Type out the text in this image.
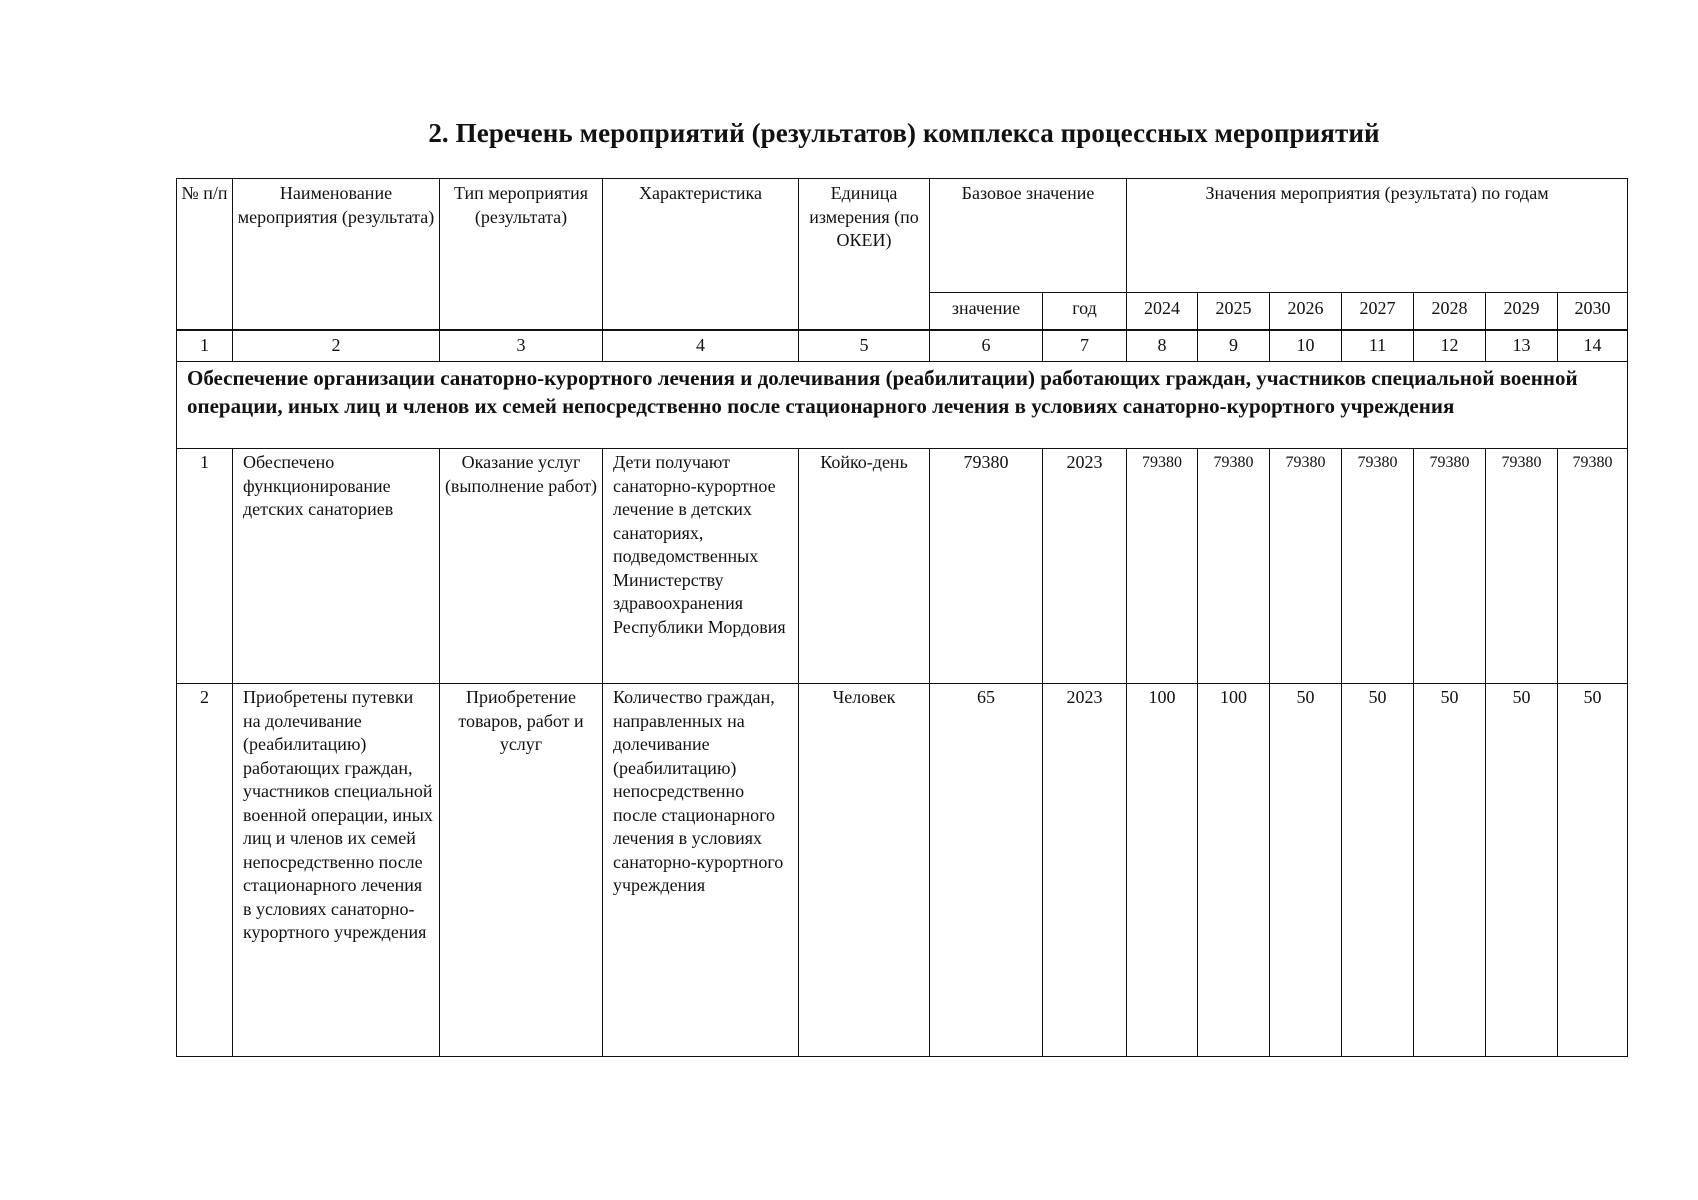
2. Перечень мероприятий (результатов) комплекса процессных мероприятий
№ п/п	Наименование мероприятия (результата)	Тип мероприятия (результата)	Характеристика	Единица измерения (по ОКЕИ)	Базовое значение		Значения мероприятия (результата) по годам						
					значение	год	2024	2025	2026	2027	2028	2029	2030
1	2	3	4	5	6	7	8	9	10	11	12	13	14
Обеспечение организации санаторно-курортного лечения и долечивания (реабилитации) работающих граждан, участников специальной военной операции, иных лиц и членов их семей непосредственно после стационарного лечения в условиях санаторно-курортного учреждения													
1	Обеспечено функционирование детских санаториев	Оказание услуг (выполнение работ)	Дети получают санаторно-курортное лечение в детских санаториях, подведомственных Министерству здравоохранения Республики Мордовия	Койко-день	79380	2023	79380	79380	79380	79380	79380	79380	79380
2	Приобретены путевки на долечивание (реабилитацию) работающих граждан, участников специальной военной операции, иных лиц и членов их семей непосредственно после стационарного лечения в условиях санаторно-курортного учреждения	Приобретение товаров, работ и услуг	Количество граждан, направленных на долечивание (реабилитацию) непосредственно после стационарного лечения в условиях санаторно-курортного учреждения	Человек	65	2023	100	100	50	50	50	50	50
